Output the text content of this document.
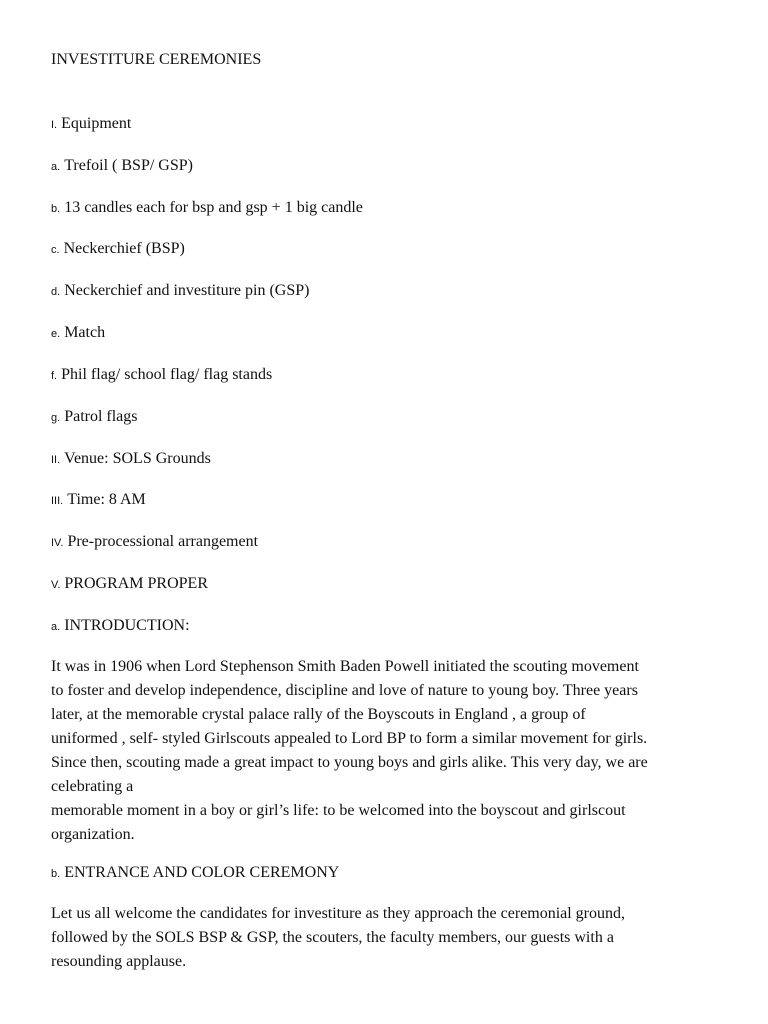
INVESTITURE CEREMONIES
I. Equipment
a. Trefoil ( BSP/ GSP)
b. 13 candles each for bsp and gsp + 1 big candle
c. Neckerchief (BSP)
d. Neckerchief and investiture pin (GSP)
e. Match
f. Phil flag/ school flag/ flag stands
g. Patrol flags
II. Venue: SOLS Grounds
III. Time: 8 AM
IV. Pre-processional arrangement
V. PROGRAM PROPER
a. INTRODUCTION:
It was in 1906 when Lord Stephenson Smith Baden Powell initiated the scouting movement
to foster and develop independence, discipline and love of nature to young boy. Three years
later, at the memorable crystal palace rally of the Boyscouts in England , a group of
uniformed , self- styled Girlscouts appealed to Lord BP to form a similar movement for girls.
Since then, scouting made a great impact to young boys and girls alike. This very day, we are
celebrating a
memorable moment in a boy or girl’s life: to be welcomed into the boyscout and girlscout
organization.
b. ENTRANCE AND COLOR CEREMONY
Let us all welcome the candidates for investiture as they approach the ceremonial ground,
followed by the SOLS BSP & GSP, the scouters, the faculty members, our guests with a
resounding applause.
